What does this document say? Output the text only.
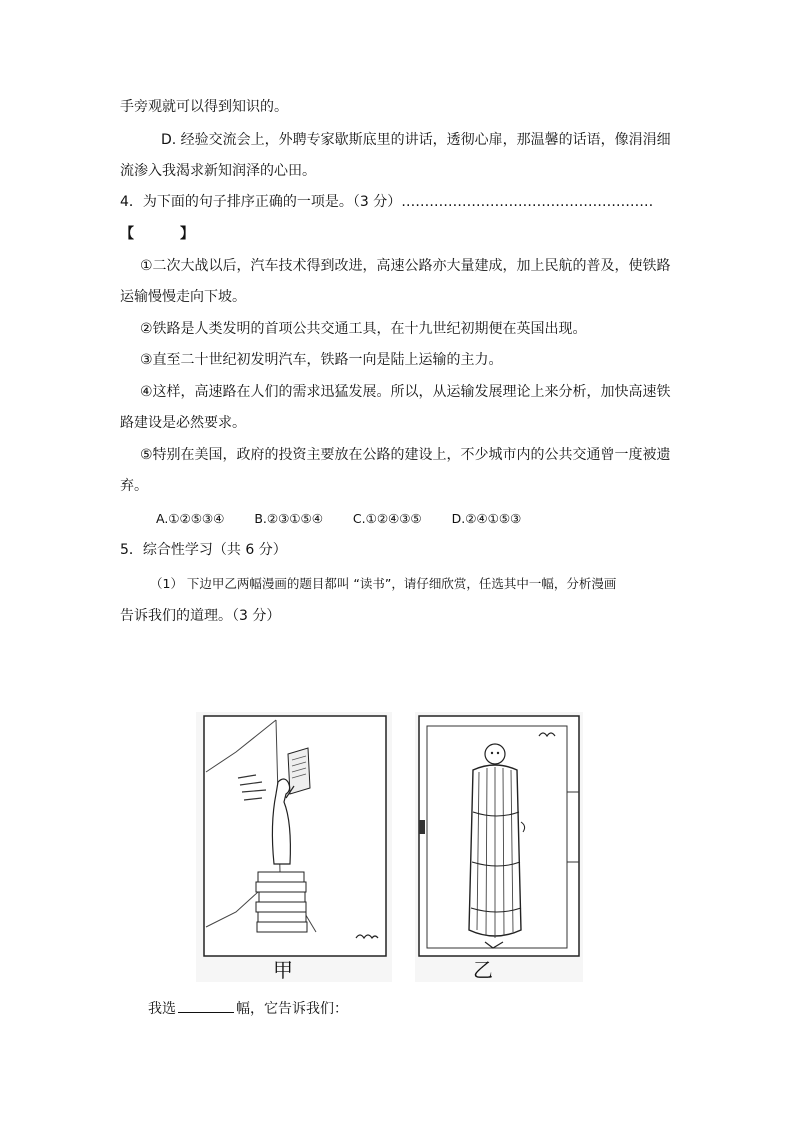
手旁观就可以得到知识的。
D. 经验交流会上，外聘专家歇斯底里的讲话，透彻心扉，那温馨的话语，像涓涓细
流渗入我渴求新知润泽的心田。
4．为下面的句子排序正确的一项是。（3 分）………………………………………………
【	】
①二次大战以后，汽车技术得到改进，高速公路亦大量建成，加上民航的普及，使铁路
运输慢慢走向下坡。
②铁路是人类发明的首项公共交通工具，在十九世纪初期便在英国出现。
③直至二十世纪初发明汽车，铁路一向是陆上运输的主力。
④这样，高速路在人们的需求迅猛发展。所以，从运输发展理论上来分析，加快高速铁
路建设是必然要求。
⑤特别在美国，政府的投资主要放在公路的建设上，不少城市内的公共交通曾一度被遗
弃。
A.①②⑤③④ B.②③①⑤④ C.①②④③⑤ D.②④①⑤③
5．综合性学习（共 6 分）
（1） 下边甲乙两幅漫画的题目都叫 “读书”，请仔细欣赏，任选其中一幅，分析漫画
告诉我们的道理。（3 分）
甲	乙
我选	幅，它告诉我们：
